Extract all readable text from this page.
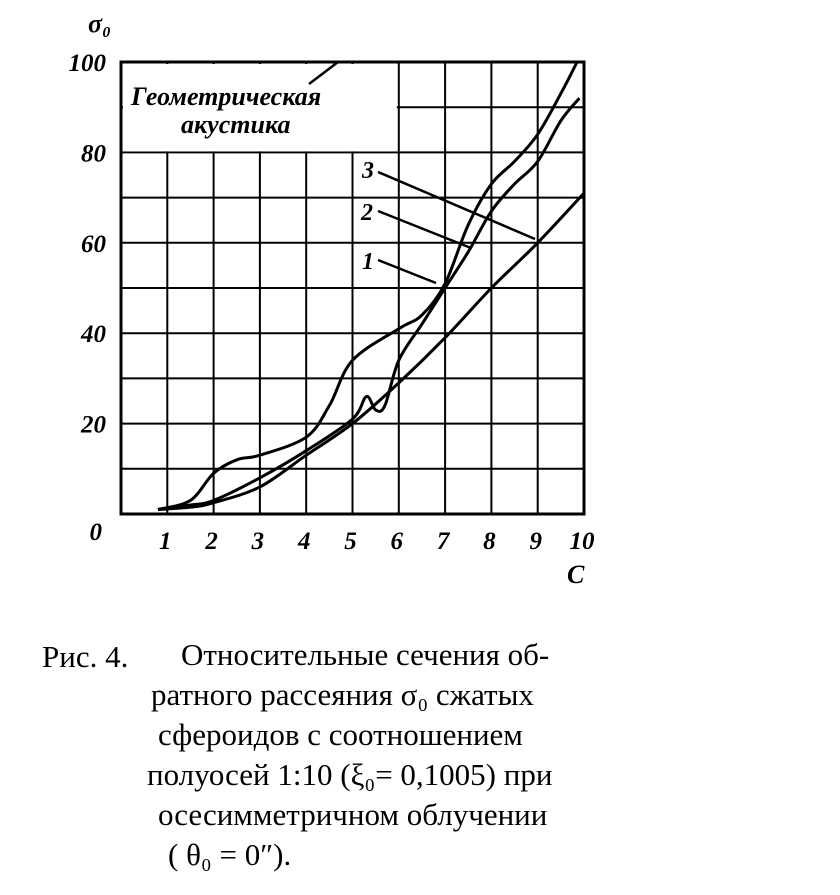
Геометрическая
акустика
1
2
3
0
20
40
60
80
100
1 2 3 4 5 6 7 8 9 10
σ₀
C
Рис. 4. Относительные сечения об-
ратного рассеяния σ₀ сжатых
сфероидов с соотношением
полуосей 1:10 (ξ₀= 0,1005) при
осесимметричном облучении
( θ₀ = 0″).
